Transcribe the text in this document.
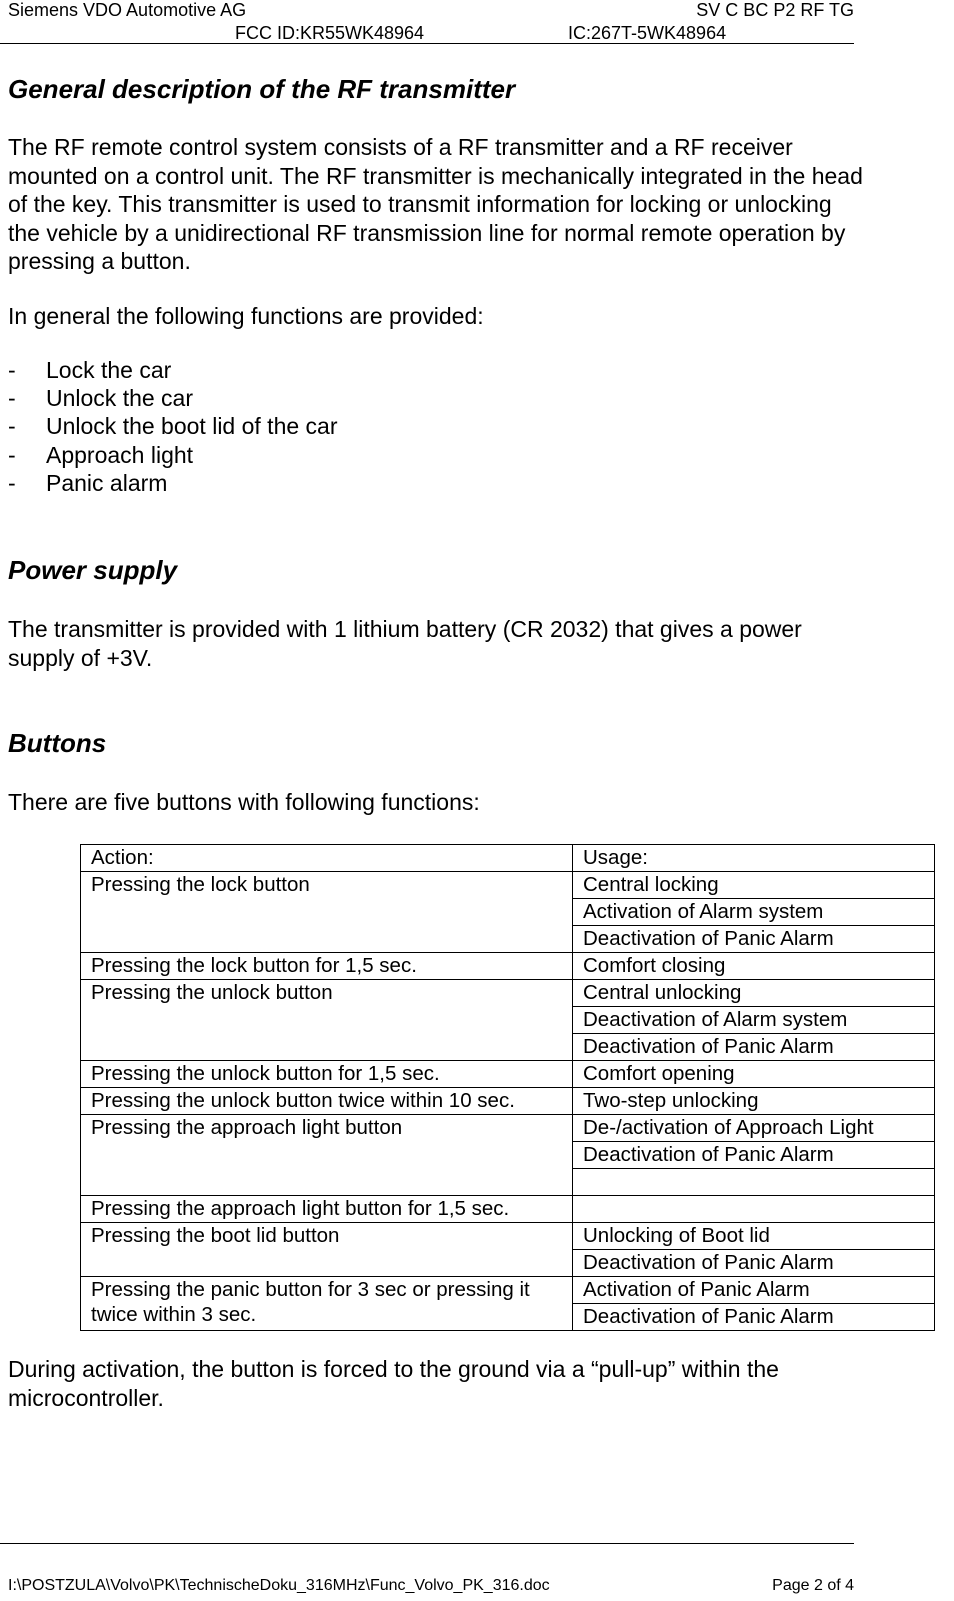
Siemens VDO Automotive AG	SV C BC P2 RF TG
FCC ID:KR55WK48964	IC:267T-5WK48964
General description of the RF transmitter
The RF remote control system consists of a RF transmitter and a RF receiver mounted on a control unit. The RF transmitter is mechanically integrated in the head of the key. This transmitter is used to transmit information for locking or unlocking the vehicle by a unidirectional RF transmission line for normal remote operation by pressing a button.
In general the following functions are provided:
- Lock the car
- Unlock the car
- Unlock the boot lid of the car
- Approach light
- Panic alarm
Power supply
The transmitter is provided with 1 lithium battery (CR 2032) that gives a power supply of +3V.
Buttons
There are five buttons with following functions:
Action:	Usage:
Pressing the lock button	Central locking
	Activation of Alarm system
	Deactivation of Panic Alarm
Pressing the lock button for 1,5 sec.	Comfort closing
Pressing the unlock button	Central unlocking
	Deactivation of Alarm system
	Deactivation of Panic Alarm
Pressing the unlock button for 1,5 sec.	Comfort opening
Pressing the unlock button twice within 10 sec.	Two-step unlocking
Pressing the approach light button	De-/activation of Approach Light
	Deactivation of Panic Alarm

Pressing the approach light button for 1,5 sec.	
Pressing the boot lid button	Unlocking of Boot lid
	Deactivation of Panic Alarm
Pressing the panic button for 3 sec or pressing it twice within 3 sec.	Activation of Panic Alarm
	Deactivation of Panic Alarm
During activation, the button is forced to the ground via a “pull-up” within the microcontroller.
I:\POSTZULA\Volvo\PK\TechnischeDoku_316MHz\Func_Volvo_PK_316.doc	Page 2 of 4
